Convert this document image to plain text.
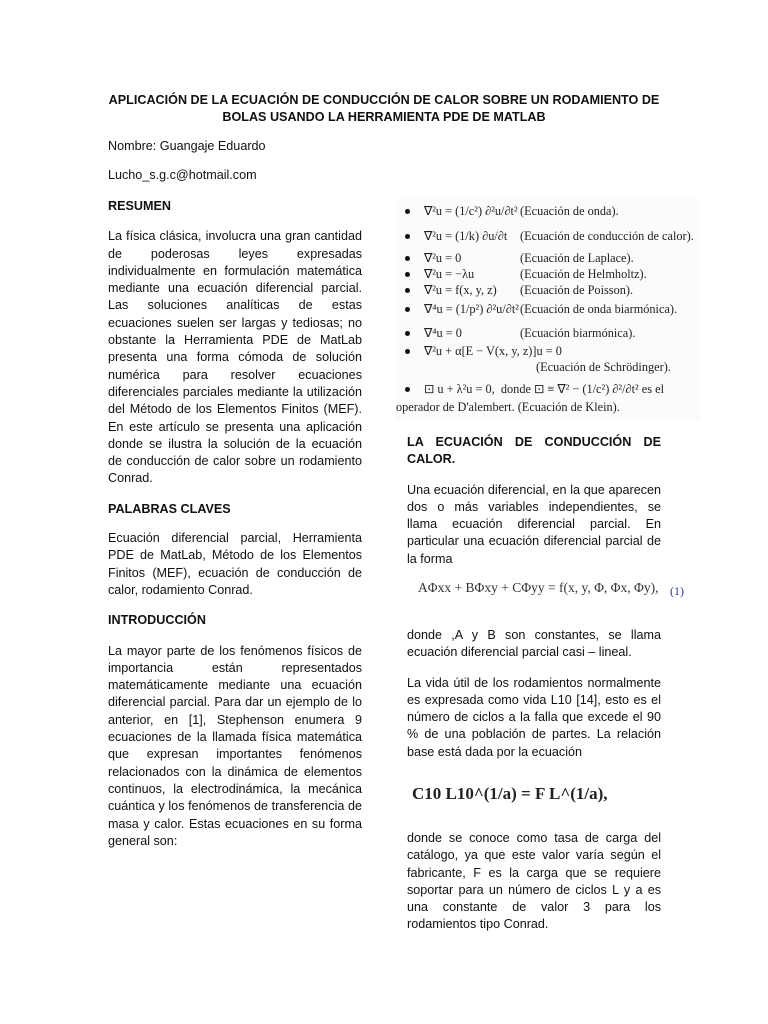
APLICACIÓN DE LA ECUACIÓN DE CONDUCCIÓN DE CALOR SOBRE UN RODAMIENTO DE BOLAS USANDO LA HERRAMIENTA PDE DE MATLAB
Nombre: Guangaje Eduardo
Lucho_s.g.c@hotmail.com

RESUMEN

La física clásica, involucra una gran cantidad de poderosas leyes expresadas individualmente en formulación matemática mediante una ecuación diferencial parcial. Las soluciones analíticas de estas ecuaciones suelen ser largas y tediosas; no obstante la Herramienta PDE de MatLab presenta una forma cómoda de solución numérica para resolver ecuaciones diferenciales parciales mediante la utilización del Método de los Elementos Finitos (MEF). En este artículo se presenta una aplicación donde se ilustra la solución de la ecuación de conducción de calor sobre un rodamiento Conrad.

PALABRAS CLAVES

Ecuación diferencial parcial, Herramienta PDE de MatLab, Método de los Elementos Finitos (MEF), ecuación de conducción de calor, rodamiento Conrad.

INTRODUCCIÓN

La mayor parte de los fenómenos físicos de importancia están representados matemáticamente mediante una ecuación diferencial parcial. Para dar un ejemplo de lo anterior, en [1], Stephenson enumera 9 ecuaciones de la llamada física matemática que expresan importantes fenómenos relacionados con la dinámica de elementos continuos, la electrodinámica, la mecánica cuántica y los fenómenos de transferencia de masa y calor. Estas ecuaciones en su forma general son:

∇²u = (1/c²) ∂²u/∂t² (Ecuación de onda).
∇²u = (1/k) ∂u/∂t (Ecuación de conducción de calor).
∇²u = 0	(Ecuación de Laplace).
∇²u = −λu	(Ecuación de Helmholtz).
∇²u = f(x, y, z) (Ecuación de Poisson).
∇⁴u = (1/p²) ∂²u/∂t²(Ecuación de onda biarmónica).
∇⁴u = 0	(Ecuación biarmónica).
∇²u + α[E − V(x, y, z)]u = 0
(Ecuación de Schrödinger).
⊡ u + λ²u = 0, donde ⊡ ≡ ∇² − (1/c²) ∂²/∂t² es el operador de D'alembert. (Ecuación de Klein).

LA ECUACIÓN DE CONDUCCIÓN DE CALOR.

Una ecuación diferencial, en la que aparecen dos o más variables independientes, se llama ecuación diferencial parcial. En particular una ecuación diferencial parcial de la forma

AΦxx + BΦxy + CΦyy = f(x, y, Φ, Φx, Φy), (1)

donde ,A y B son constantes, se llama ecuación diferencial parcial casi – lineal.

La vida útil de los rodamientos normalmente es expresada como vida L10 [14], esto es el número de ciclos a la falla que excede el 90 % de una población de partes. La relación base está dada por la ecuación

C10 L10^(1/a) = F L^(1/a),

donde se conoce como tasa de carga del catálogo, ya que este valor varía según el fabricante, F es la carga que se requiere soportar para un número de ciclos L y a es una constante de valor 3 para los rodamientos tipo Conrad.
